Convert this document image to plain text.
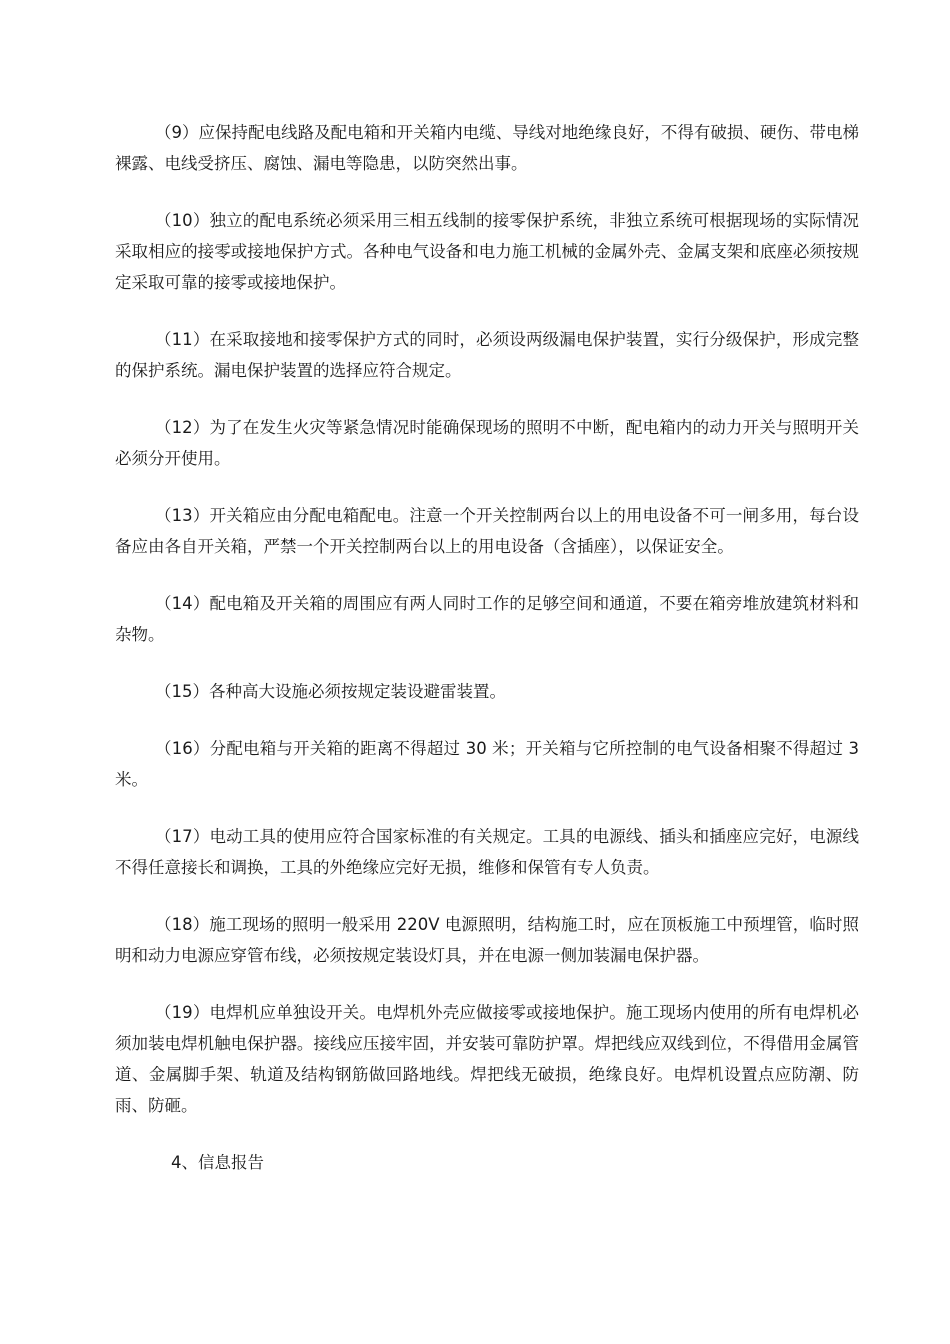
（9）应保持配电线路及配电箱和开关箱内电缆、导线对地绝缘良好，不得有破损、硬伤、带电梯裸露、电线受挤压、腐蚀、漏电等隐患，以防突然出事。

（10）独立的配电系统必须采用三相五线制的接零保护系统，非独立系统可根据现场的实际情况采取相应的接零或接地保护方式。各种电气设备和电力施工机械的金属外壳、金属支架和底座必须按规定采取可靠的接零或接地保护。

（11）在采取接地和接零保护方式的同时，必须设两级漏电保护装置，实行分级保护，形成完整的保护系统。漏电保护装置的选择应符合规定。

（12）为了在发生火灾等紧急情况时能确保现场的照明不中断，配电箱内的动力开关与照明开关必须分开使用。

（13）开关箱应由分配电箱配电。注意一个开关控制两台以上的用电设备不可一闸多用，每台设备应由各自开关箱，严禁一个开关控制两台以上的用电设备（含插座），以保证安全。

（14）配电箱及开关箱的周围应有两人同时工作的足够空间和通道，不要在箱旁堆放建筑材料和杂物。

（15）各种高大设施必须按规定装设避雷装置。

（16）分配电箱与开关箱的距离不得超过 30 米；开关箱与它所控制的电气设备相聚不得超过 3 米。

（17）电动工具的使用应符合国家标准的有关规定。工具的电源线、插头和插座应完好，电源线不得任意接长和调换，工具的外绝缘应完好无损，维修和保管有专人负责。

（18）施工现场的照明一般采用 220V 电源照明，结构施工时，应在顶板施工中预埋管，临时照明和动力电源应穿管布线，必须按规定装设灯具，并在电源一侧加装漏电保护器。

（19）电焊机应单独设开关。电焊机外壳应做接零或接地保护。施工现场内使用的所有电焊机必须加装电焊机触电保护器。接线应压接牢固，并安装可靠防护罩。焊把线应双线到位，不得借用金属管道、金属脚手架、轨道及结构钢筋做回路地线。焊把线无破损，绝缘良好。电焊机设置点应防潮、防雨、防砸。

4、信息报告
